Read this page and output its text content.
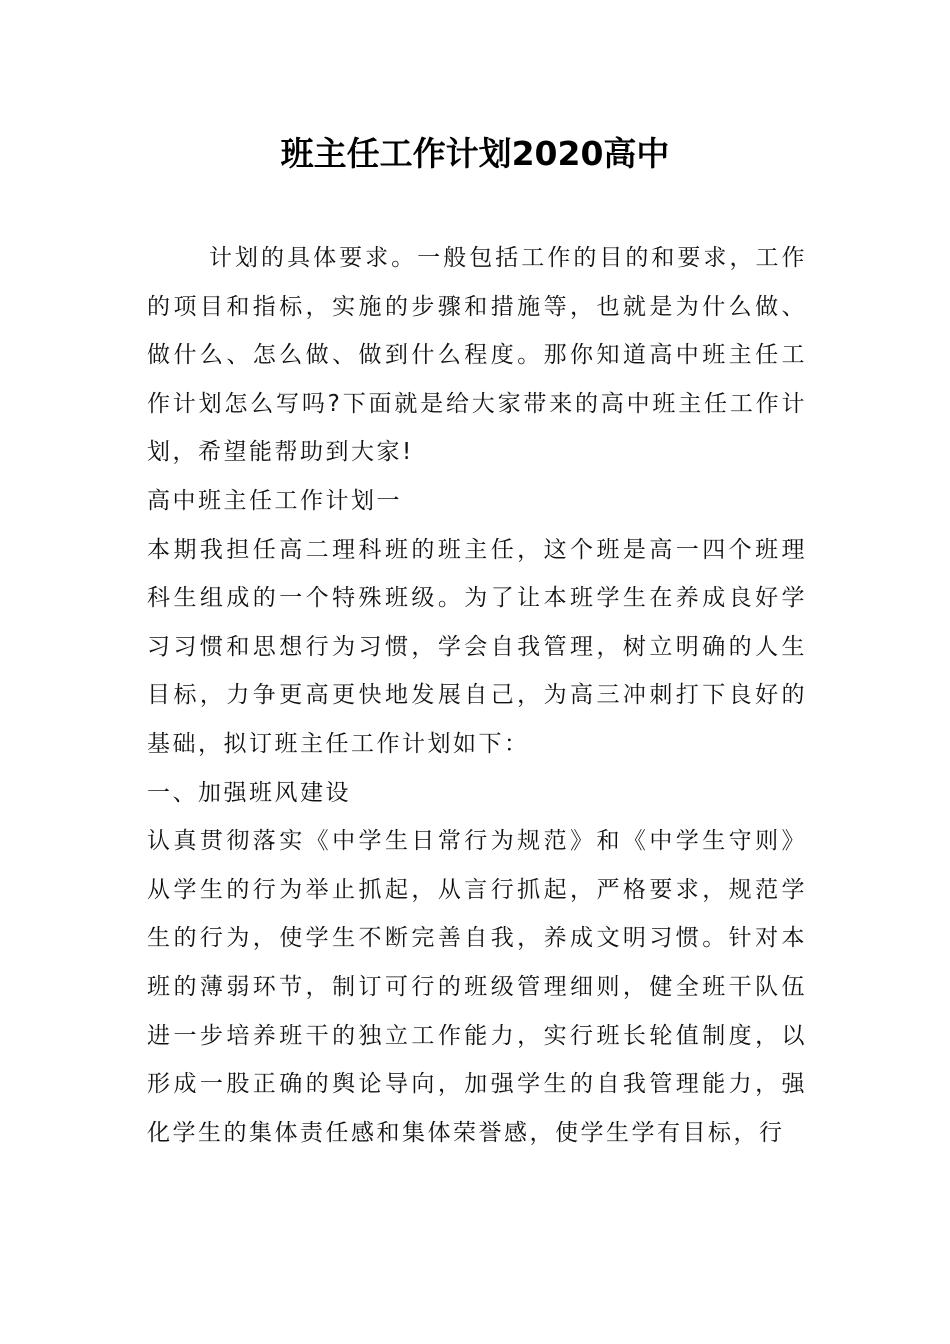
班主任工作计划2020高中

计划的具体要求。一般包括工作的目的和要求，工作的项目和指标，实施的步骤和措施等，也就是为什么做、做什么、怎么做、做到什么程度。那你知道高中班主任工作计划怎么写吗?下面就是给大家带来的高中班主任工作计划，希望能帮助到大家!

高中班主任工作计划一

本期我担任高二理科班的班主任，这个班是高一四个班理科生组成的一个特殊班级。为了让本班学生在养成良好学习习惯和思想行为习惯，学会自我管理，树立明确的人生目标，力争更高更快地发展自己，为高三冲刺打下良好的基础，拟订班主任工作计划如下：

一、加强班风建设

认真贯彻落实《中学生日常行为规范》和《中学生守则》从学生的行为举止抓起，从言行抓起，严格要求，规范学生的行为，使学生不断完善自我，养成文明习惯。针对本班的薄弱环节，制订可行的班级管理细则，健全班干队伍进一步培养班干的独立工作能力，实行班长轮值制度，以形成一股正确的舆论导向，加强学生的自我管理能力，强化学生的集体责任感和集体荣誉感，使学生学有目标，行
